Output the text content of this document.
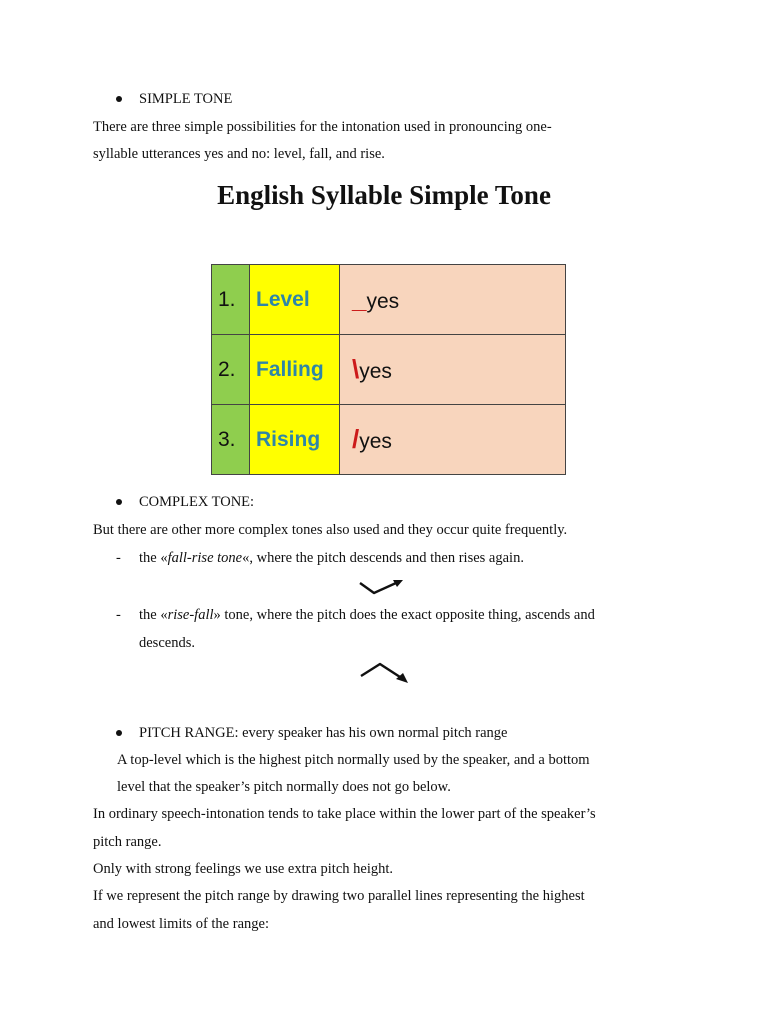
SIMPLE TONE
There are three simple possibilities for the intonation used in pronouncing one-
syllable utterances yes and no: level, fall, and rise.
English Syllable Simple Tone
1.	Level	_yes
2.	Falling	\yes
3.	Rising	/yes
COMPLEX TONE:
But there are other more complex tones also used and they occur quite frequently.
- the «fall-rise tone«, where the pitch descends and then rises again.
- the «rise-fall» tone, where the pitch does the exact opposite thing, ascends and
descends.
PITCH RANGE: every speaker has his own normal pitch range
A top-level which is the highest pitch normally used by the speaker, and a bottom
level that the speaker’s pitch normally does not go below.
In ordinary speech-intonation tends to take place within the lower part of the speaker’s
pitch range.
Only with strong feelings we use extra pitch height.
If we represent the pitch range by drawing two parallel lines representing the highest
and lowest limits of the range:
